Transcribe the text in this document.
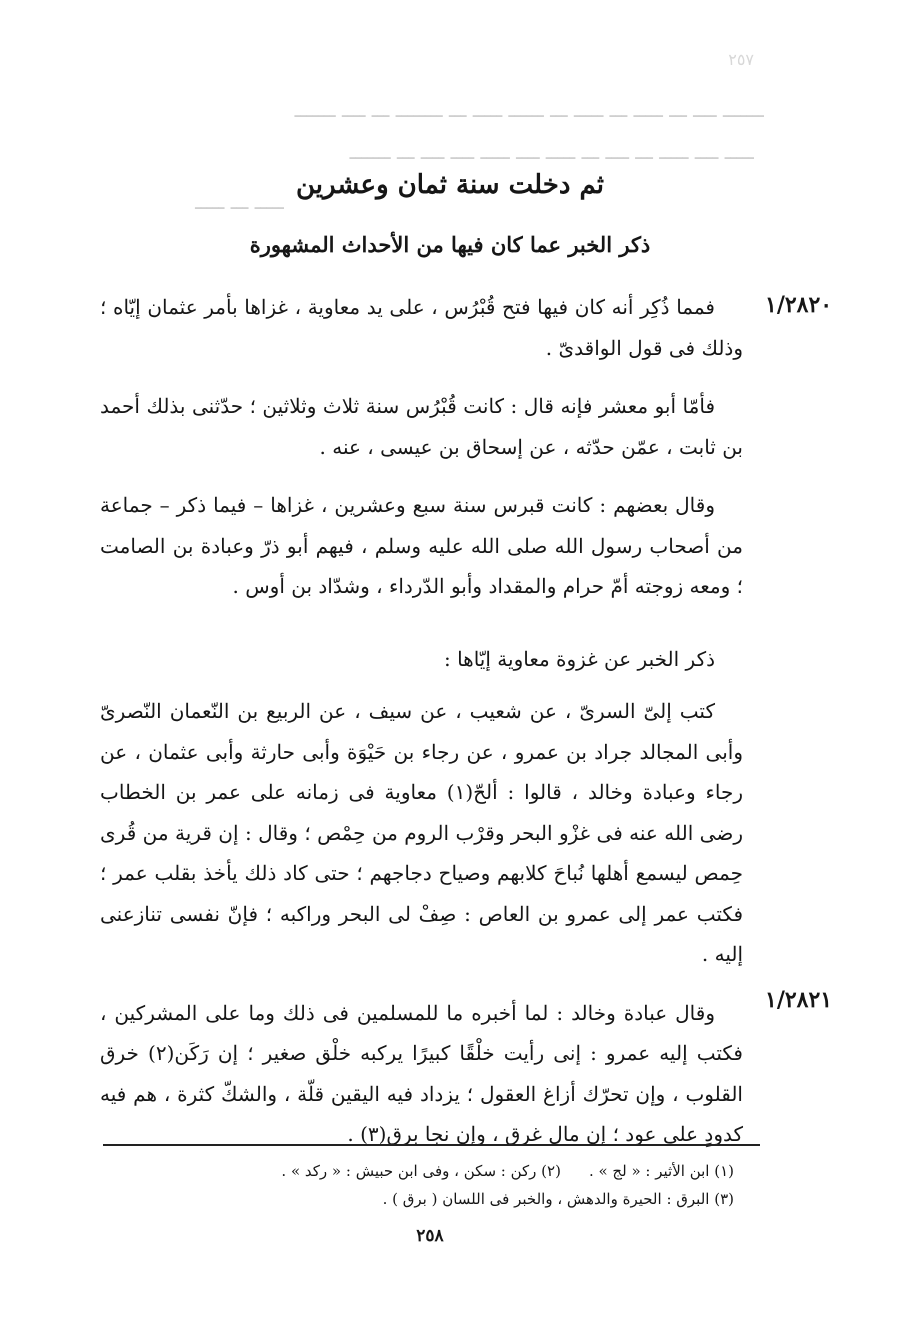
٢٥٧
ـــــــ ــــ ـــ ـــــ ـــ ـــــ ـــ ــــــ ـــــ ـــ ــــــــ ـــ ــــ ـــــــ
ـــــ ــــ ـــــ ـــ ــــ ـــ ـــــ ــــ ـــــ ــــ ــــ ـــ ـــــــ
ـــــ ـــ ـــــ
ثم دخلت سنة ثمان وعشرين
ذكر الخبر عما كان فيها من الأحداث المشهورة
١/٢٨٢٠
١/٢٨٢١

فمما ذُكِر أنه كان فيها فتح قُبْرُس ، على يد معاوية ، غزاها بأمر عثمان إيّاه ؛ وذلك فى قول الواقدىّ .

فأمّا أبو معشر فإنه قال : كانت قُبْرُس سنة ثلاث وثلاثين ؛ حدّثنى بذلك أحمد بن ثابت ، عمّن حدّثه ، عن إسحاق بن عيسى ، عنه .

وقال بعضهم : كانت قبرس سنة سبع وعشرين ، غزاها – فيما ذكر – جماعة من أصحاب رسول الله صلى الله عليه وسلم ، فيهم أبو ذرّ وعبادة بن الصامت ؛ ومعه زوجته أمّ حرام والمقداد وأبو الدّرداء ، وشدّاد بن أوس .

ذكر الخبر عن غزوة معاوية إيّاها :

كتب إلىّ السرىّ ، عن شعيب ، عن سيف ، عن الربيع بن النّعمان النّصرىّ وأبى المجالد جراد بن عمرو ، عن رجاء بن حَيْوَة وأبى حارثة وأبى عثمان ، عن رجاء وعبادة وخالد ، قالوا : ألحّ(١) معاوية فى زمانه على عمر بن الخطاب رضى الله عنه فى غزْو البحر وقرْب الروم من حِمْص ؛ وقال : إن قرية من قُرى حِمص ليسمع أهلها نُباحَ كلابهم وصياح دجاجهم ؛ حتى كاد ذلك يأخذ بقلب عمر ؛ فكتب عمر إلى عمرو بن العاص : صِفْ لى البحر وراكبه ؛ فإنّ نفسى تنازعنى إليه .

وقال عبادة وخالد : لما أخبره ما للمسلمين فى ذلك وما على المشركين ، فكتب إليه عمرو : إنى رأيت خلْقًا كبيرًا يركبه خلْق صغير ؛ إن رَكَن(٢) خرق القلوب ، وإن تحرّك أزاغ العقول ؛ يزداد فيه اليقين قلّة ، والشكّ كثرة ، هم فيه كدودٍ على عود ؛ إن مال غرق ، وإن نجا برق(٣) .

(١) ابن الأثير : « لج » .(٢) ركن : سكن ، وفى ابن حبيش : « ركد » .
(٣) البرق : الحيرة والدهش ، والخبر فى اللسان ( برق ) .
٢٥٨
